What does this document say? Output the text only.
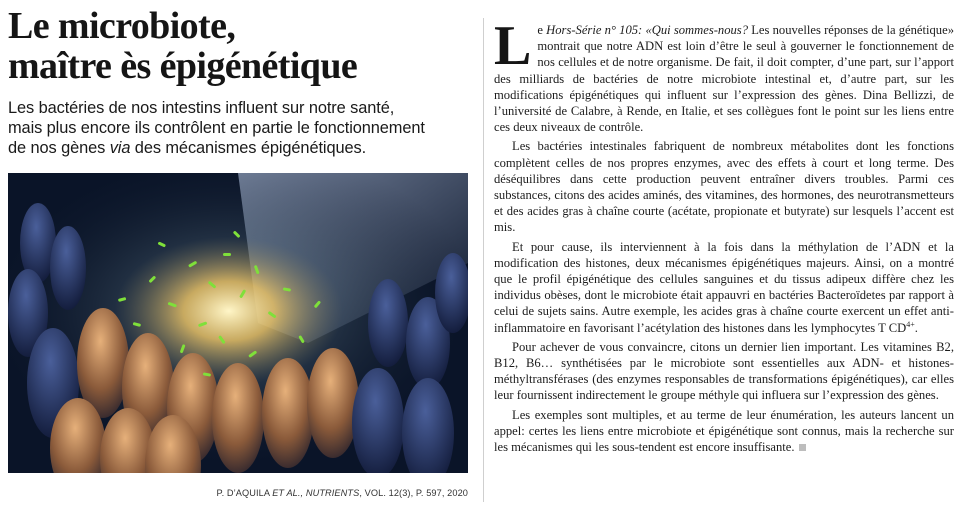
Le microbiote,
maître ès épigénétique
Les bactéries de nos intestins influent sur notre santé,
mais plus encore ils contrôlent en partie le fonctionnement
de nos gènes via des mécanismes épigénétiques.
P. D’AQUILA ET AL., NUTRIENTS, VOL. 12(3), P. 597, 2020

Le Hors-Série n° 105: «Qui sommes-nous? Les nouvelles réponses de la génétique» montrait que notre ADN est loin d’être le seul à gouverner le fonctionnement de nos cellules et de notre organisme. De fait, il doit compter, d’une part, sur l’apport des milliards de bactéries de notre microbiote intestinal et, d’autre part, sur les modifications épigénétiques qui influent sur l’expression des gènes. Dina Bellizzi, de l’université de Calabre, à Rende, en Italie, et ses collègues font le point sur les liens entre ces deux niveaux de contrôle.

Les bactéries intestinales fabriquent de nombreux métabolites dont les fonctions complètent celles de nos propres enzymes, avec des effets à court et long terme. Des déséquilibres dans cette production peuvent entraîner divers troubles. Parmi ces substances, citons des acides aminés, des vitamines, des hormones, des neurotransmetteurs et des acides gras à chaîne courte (acétate, propionate et butyrate) sur lesquels l’accent est mis.

Et pour cause, ils interviennent à la fois dans la méthylation de l’ADN et la modification des histones, deux mécanismes épigénétiques majeurs. Ainsi, on a montré que le profil épigénétique des cellules sanguines et du tissus adipeux diffère chez les individus obèses, dont le microbiote était appauvri en bactéries Bacteroïdetes par rapport à celui de sujets sains. Autre exemple, les acides gras à chaîne courte exercent un effet anti-inflammatoire en favorisant l’acétylation des histones dans les lymphocytes T $CD^{4+}$.

Pour achever de vous convaincre, citons un dernier lien important. Les vitamines B2, B12, B6… synthétisées par le microbiote sont essentielles aux ADN- et histones-méthyltransférases (des enzymes responsables de transformations épigénétiques), car elles leur fournissent indirectement le groupe méthyle qui influera sur l’expression des gènes.

Les exemples sont multiples, et au terme de leur énumération, les auteurs lancent un appel: certes les liens entre microbiote et épigénétique sont connus, mais la recherche sur les mécanismes qui les sous-tendent est encore insuffisante.
